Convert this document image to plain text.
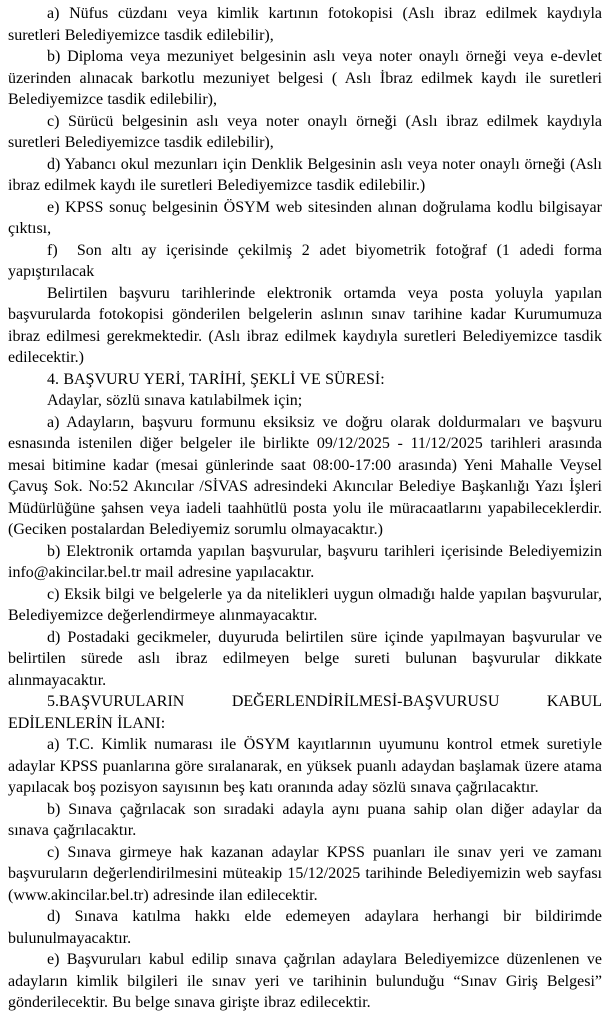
a) Nüfus cüzdanı veya kimlik kartının fotokopisi (Aslı ibraz edilmek kaydıyla suretleri Belediyemizce tasdik edilebilir),

b) Diploma veya mezuniyet belgesinin aslı veya noter onaylı örneği veya e-devlet üzerinden alınacak barkotlu mezuniyet belgesi ( Aslı İbraz edilmek kaydı ile suretleri Belediyemizce tasdik edilebilir),

c) Sürücü belgesinin aslı veya noter onaylı örneği (Aslı ibraz edilmek kaydıyla suretleri Belediyemizce tasdik edilebilir),

d) Yabancı okul mezunları için Denklik Belgesinin aslı veya noter onaylı örneği (Aslı ibraz edilmek kaydı ile suretleri Belediyemizce tasdik edilebilir.)

e) KPSS sonuç belgesinin ÖSYM web sitesinden alınan doğrulama kodlu bilgisayar çıktısı,

f)  Son altı ay içerisinde çekilmiş 2 adet biyometrik fotoğraf (1 adedi forma yapıştırılacak

Belirtilen başvuru tarihlerinde elektronik ortamda veya posta yoluyla yapılan başvurularda fotokopisi gönderilen belgelerin aslının sınav tarihine kadar Kurumumuza ibraz edilmesi gerekmektedir. (Aslı ibraz edilmek kaydıyla suretleri Belediyemizce tasdik edilecektir.)

4. BAŞVURU YERİ, TARİHİ, ŞEKLİ VE SÜRESİ:

Adaylar, sözlü sınava katılabilmek için;

a) Adayların, başvuru formunu eksiksiz ve doğru olarak doldurmaları ve başvuru esnasında istenilen diğer belgeler ile birlikte 09/12/2025 - 11/12/2025 tarihleri arasında mesai bitimine kadar (mesai günlerinde saat 08:00-17:00 arasında) Yeni Mahalle Veysel Çavuş Sok. No:52 Akıncılar /SİVAS adresindeki Akıncılar Belediye Başkanlığı Yazı İşleri Müdürlüğüne şahsen veya iadeli taahhütlü posta yolu ile müracaatlarını yapabileceklerdir. (Geciken postalardan Belediyemiz sorumlu olmayacaktır.)

b) Elektronik ortamda yapılan başvurular, başvuru tarihleri içerisinde Belediyemizin info@akincilar.bel.tr mail adresine yapılacaktır.

c) Eksik bilgi ve belgelerle ya da nitelikleri uygun olmadığı halde yapılan başvurular, Belediyemizce değerlendirmeye alınmayacaktır.

d) Postadaki gecikmeler, duyuruda belirtilen süre içinde yapılmayan başvurular ve belirtilen sürede aslı ibraz edilmeyen belge sureti bulunan başvurular dikkate alınmayacaktır.

5.BAŞVURULARIN DEĞERLENDİRİLMESİ-BAŞVURUSU KABUL EDİLENLERİN İLANI:

a) T.C. Kimlik numarası ile ÖSYM kayıtlarının uyumunu kontrol etmek suretiyle adaylar KPSS puanlarına göre sıralanarak, en yüksek puanlı adaydan başlamak üzere atama yapılacak boş pozisyon sayısının beş katı oranında aday sözlü sınava çağrılacaktır.

b) Sınava çağrılacak son sıradaki adayla aynı puana sahip olan diğer adaylar da sınava çağrılacaktır.

c) Sınava girmeye hak kazanan adaylar KPSS puanları ile sınav yeri ve zamanı başvuruların değerlendirilmesini müteakip 15/12/2025 tarihinde Belediyemizin web sayfası (www.akincilar.bel.tr) adresinde ilan edilecektir.

d) Sınava katılma hakkı elde edemeyen adaylara herhangi bir bildirimde bulunulmayacaktır.

e) Başvuruları kabul edilip sınava çağrılan adaylara Belediyemizce düzenlenen ve adayların kimlik bilgileri ile sınav yeri ve tarihinin bulunduğu “Sınav Giriş Belgesi” gönderilecektir. Bu belge sınava girişte ibraz edilecektir.
